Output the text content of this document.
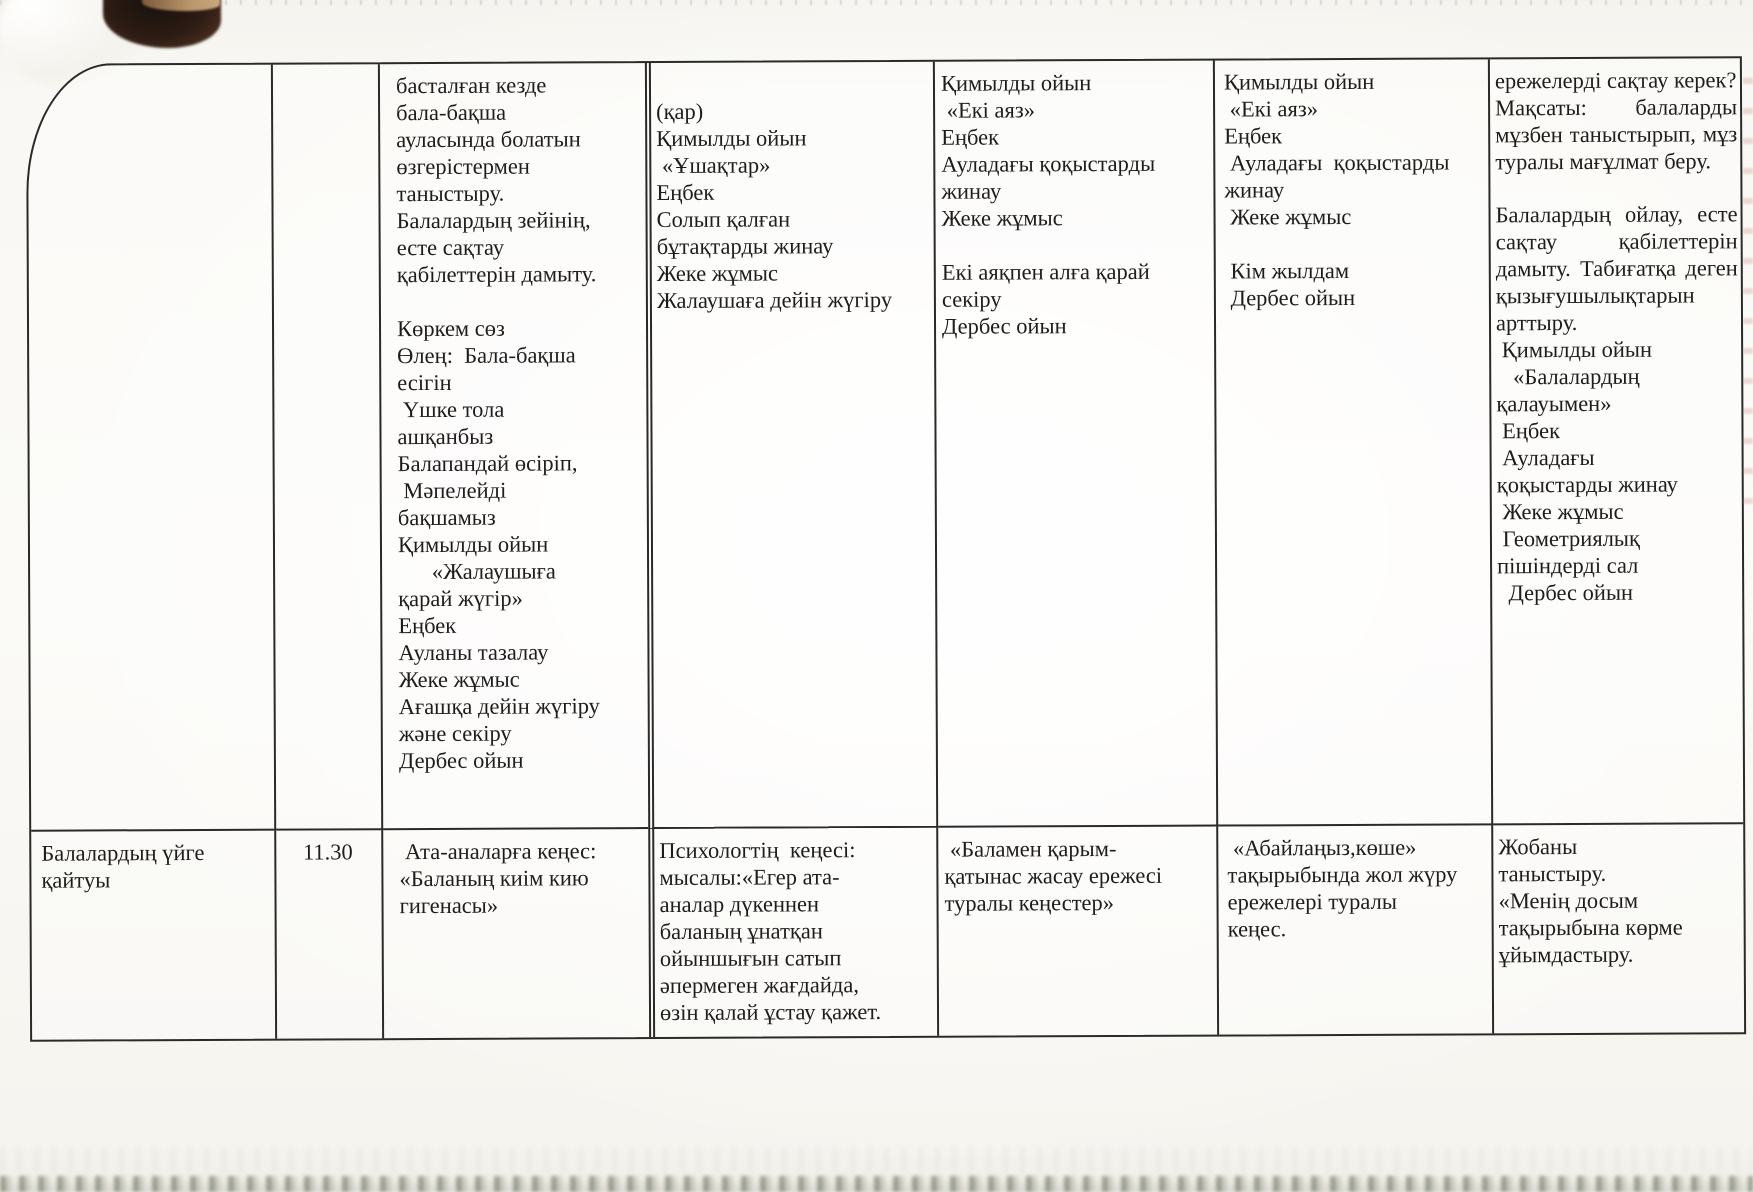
басталған кезде
бала-бақша
ауласында болатын
өзгерістермен
таныстыру.
Балалардың зейінің,
есте сақтау
қабілеттерін дамыту.

Көркем сөз
Өлең:  Бала-бақша
есігін
Үшке тола
ашқанбыз
Балапандай өсіріп,
Мәпелейді
бақшамыз
Қимылды ойын
«Жалаушыға
қарай жүгір»
Еңбек
Ауланы тазалау
Жеке жұмыс
Ағашқа дейін жүгіру
және секіру
Дербес ойын

(қар)
Қимылды ойын
«Ұшақтар»
Еңбек
Солып қалған
бұтақтарды жинау
Жеке жұмыс
Жалаушаға дейін жүгіру
Қимылды ойын
«Екі аяз»
Еңбек
Ауладағы қоқыстарды
жинау
Жеке жұмыс

Екі аяқпен алға қарай
секіру
Дербес ойын
Қимылды ойын
«Екі аяз»
Еңбек
Ауладағы  қоқыстарды
жинау
Жеке жұмыс

Кім жылдам
Дербес ойын
ережелерді сақтау керек?
Мақсаты: балаларды мұзбен таныстырып, мұз туралы мағұлмат беру.
Балалардың ойлау, есте сақтау қабілеттерін дамыту. Табиғатқа деген қызығушылықтарын арттыру.
Қимылды ойын
«Балалардың
қалауымен»
Еңбек
Ауладағы
қоқыстарды жинау
Жеке жұмыс
Геометриялық
пішіндерді сал
Дербес ойын
Балалардың үйге
қайтуы
11.30	Ата-аналарға кеңес:
«Баланың киім кию
гигенасы»
Психологтің  кеңесі:
мысалы:«Егер ата-
аналар дүкеннен
баланың ұнатқан
ойыншығын сатып
әпермеген жағдайда,
өзін қалай ұстау қажет.
«Баламен қарым-
қатынас жасау ережесі
туралы кеңестер»
«Абайлаңыз,көше»
тақырыбында жол жүру
ережелері туралы
кеңес.
Жобаны
таныстыру.
«Менің досым
тақырыбына көрме
ұйымдастыру.
